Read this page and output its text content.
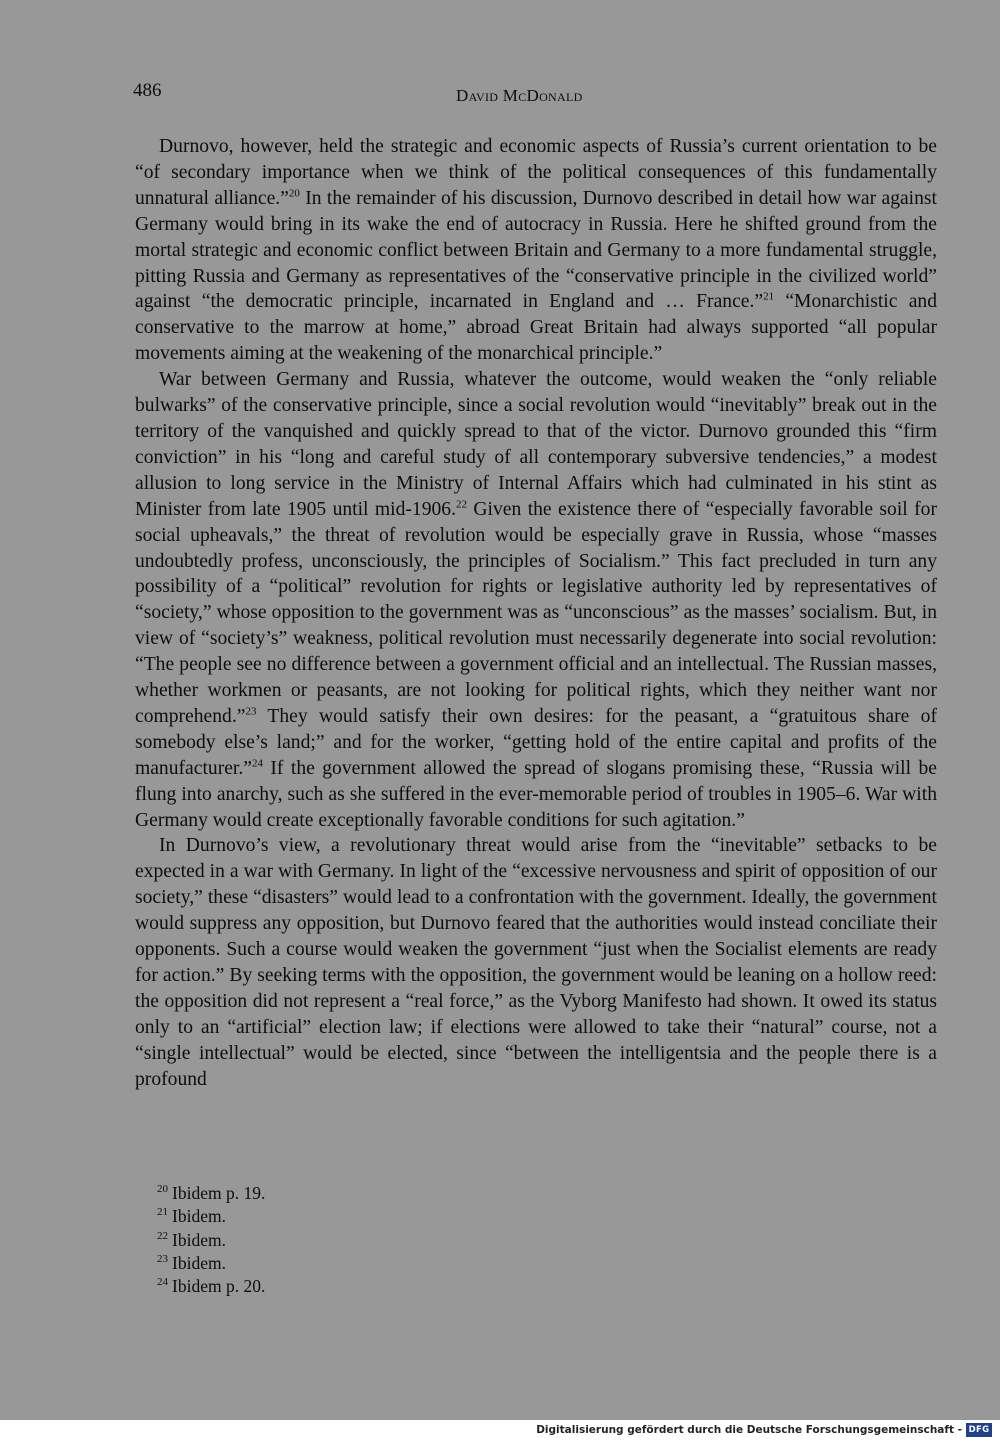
486	David McDonald

Durnovo, however, held the strategic and economic aspects of Russia’s current orientation to be “of secondary importance when we think of the political consequences of this fundamentally unnatural alliance.”$^{20}$ In the remainder of his discussion, Durnovo described in detail how war against Germany would bring in its wake the end of autocracy in Russia. Here he shifted ground from the mortal strategic and economic conflict between Britain and Germany to a more fundamental struggle, pitting Russia and Germany as representatives of the “conservative principle in the civilized world” against “the democratic principle, incarnated in England and … France.”$^{21}$ “Monarchistic and conservative to the marrow at home,” abroad Great Britain had always supported “all popular movements aiming at the weakening of the monarchical principle.”

War between Germany and Russia, whatever the outcome, would weaken the “only reliable bulwarks” of the conservative principle, since a social revolution would “inevitably” break out in the territory of the vanquished and quickly spread to that of the victor. Durnovo grounded this “firm conviction” in his “long and careful study of all contemporary subversive tendencies,” a modest allusion to long service in the Ministry of Internal Affairs which had culminated in his stint as Minister from late 1905 until mid-1906.22 Given the existence there of “especially favorable soil for social upheavals,” the threat of revolution would be especially grave in Russia, whose “masses undoubtedly profess, unconsciously, the principles of Socialism.” This fact precluded in turn any possibility of a “political” revolution for rights or legislative authority led by representatives of “society,” whose opposition to the government was as “unconscious” as the masses’ socialism. But, in view of “society’s” weakness, political revolution must necessarily degenerate into social revolution: “The people see no difference between a government official and an intellectual. The Russian masses, whether workmen or peasants, are not looking for political rights, which they neither want nor comprehend.”$^{23}$ They would satisfy their own desires: for the peasant, a “gratuitous share of somebody else’s land;” and for the worker, “getting hold of the entire capital and profits of the manufacturer.”$^{24}$ If the government allowed the spread of slogans promising these, “Russia will be flung into anarchy, such as she suffered in the ever-memorable period of troubles in 1905–6. War with Germany would create exceptionally favorable conditions for such agitation.”

In Durnovo’s view, a revolutionary threat would arise from the “inevitable” setbacks to be expected in a war with Germany. In light of the “excessive nervousness and spirit of opposition of our society,” these “disasters” would lead to a confrontation with the government. Ideally, the government would suppress any opposition, but Durnovo feared that the authorities would instead conciliate their opponents. Such a course would weaken the government “just when the Socialist elements are ready for action.” By seeking terms with the opposition, the government would be leaning on a hollow reed: the opposition did not represent a “real force,” as the Vyborg Manifesto had shown. It owed its status only to an “artificial” election law; if elections were allowed to take their “natural” course, not a “single intellectual” would be elected, since “between the intelligentsia and the people there is a profound

$^{20}$ Ibidem p. 19.
$^{21}$ Ibidem.
$^{22}$ Ibidem.
$^{23}$ Ibidem.
$^{24}$ Ibidem p. 20.
Digitalisierung gefördert durch die Deutsche Forschungsgemeinschaft - DFG
